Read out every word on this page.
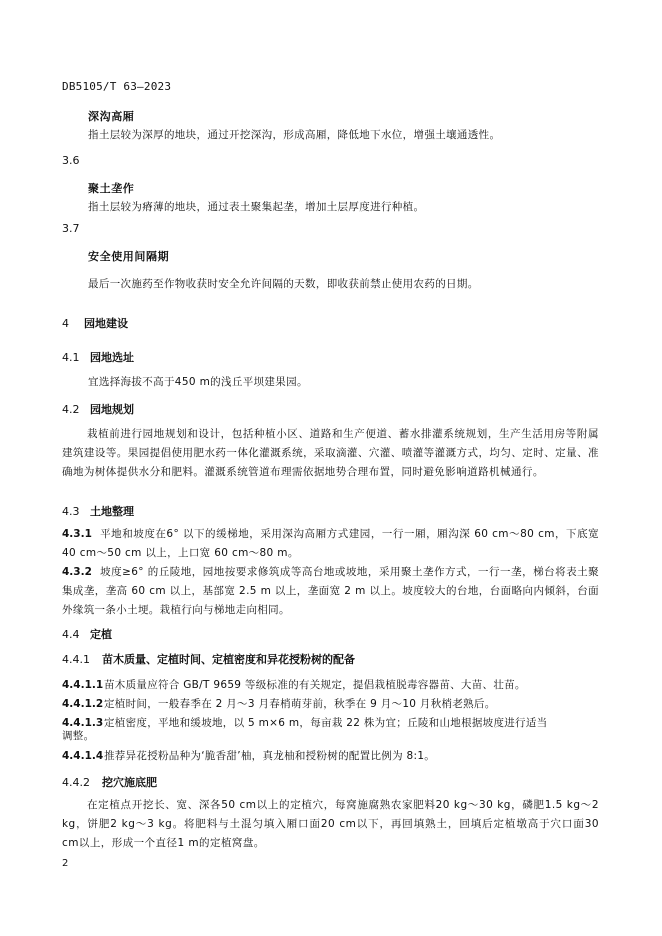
DB5105/T 63—2023
深沟高厢
指土层较为深厚的地块，通过开挖深沟，形成高厢，降低地下水位，增强土壤通透性。
3.6
聚土垄作
指土层较为瘠薄的地块，通过表土聚集起垄，增加土层厚度进行种植。
3.7
安全使用间隔期
最后一次施药至作物收获时安全允许间隔的天数，即收获前禁止使用农药的日期。
4 园地建设
4.1 园地选址
宜选择海拔不高于450 m的浅丘平坝建果园。
4.2 园地规划
栽植前进行园地规划和设计，包括种植小区、道路和生产便道、蓄水排灌系统规划，生产生活用房等附属建筑建设等。果园提倡使用肥水药一体化灌溉系统，采取滴灌、穴灌、喷灌等灌溉方式，均匀、定时、定量、准确地为树体提供水分和肥料。灌溉系统管道布理需依据地势合理布置，同时避免影响道路机械通行。
4.3 土地整理
4.3.1 平地和坡度在6° 以下的缓梯地，采用深沟高厢方式建园，一行一厢，厢沟深 60 cm～80 cm，下底宽 40 cm～50 cm 以上，上口宽 60 cm～80 m。
4.3.2 坡度≥6° 的丘陵地，园地按要求修筑成等高台地或坡地，采用聚土垄作方式，一行一垄，梯台将表土聚集成垄，垄高 60 cm 以上，基部宽 2.5 m 以上，垄面宽 2 m 以上。坡度较大的台地，台面略向内倾斜，台面外缘筑一条小土埂。栽植行向与梯地走向相同。
4.4 定植
4.4.1 苗木质量、定植时间、定植密度和异花授粉树的配备
4.4.1.1苗木质量应符合 GB/T 9659 等级标准的有关规定，提倡栽植脱毒容器苗、大苗、壮苗。
4.4.1.2定植时间，一般春季在 2 月～3 月春梢萌芽前，秋季在 9 月～10 月秋梢老熟后。
4.4.1.3定植密度，平地和缓坡地，以 5 m×6 m，每亩栽 22 株为宜；丘陵和山地根据坡度进行适当
调整。
4.4.1.4推荐异花授粉品种为‘脆香甜’柚，真龙柚和授粉树的配置比例为 8:1。
4.4.2 挖穴施底肥
在定植点开挖长、宽、深各50 cm以上的定植穴，每窝施腐熟农家肥料20 kg～30 kg，磷肥1.5 kg～2 kg，饼肥2 kg～3 kg。将肥料与土混匀填入厢口面20 cm以下，再回填熟土，回填后定植墩高于穴口面30 cm以上，形成一个直径1 m的定植窝盘。
2
